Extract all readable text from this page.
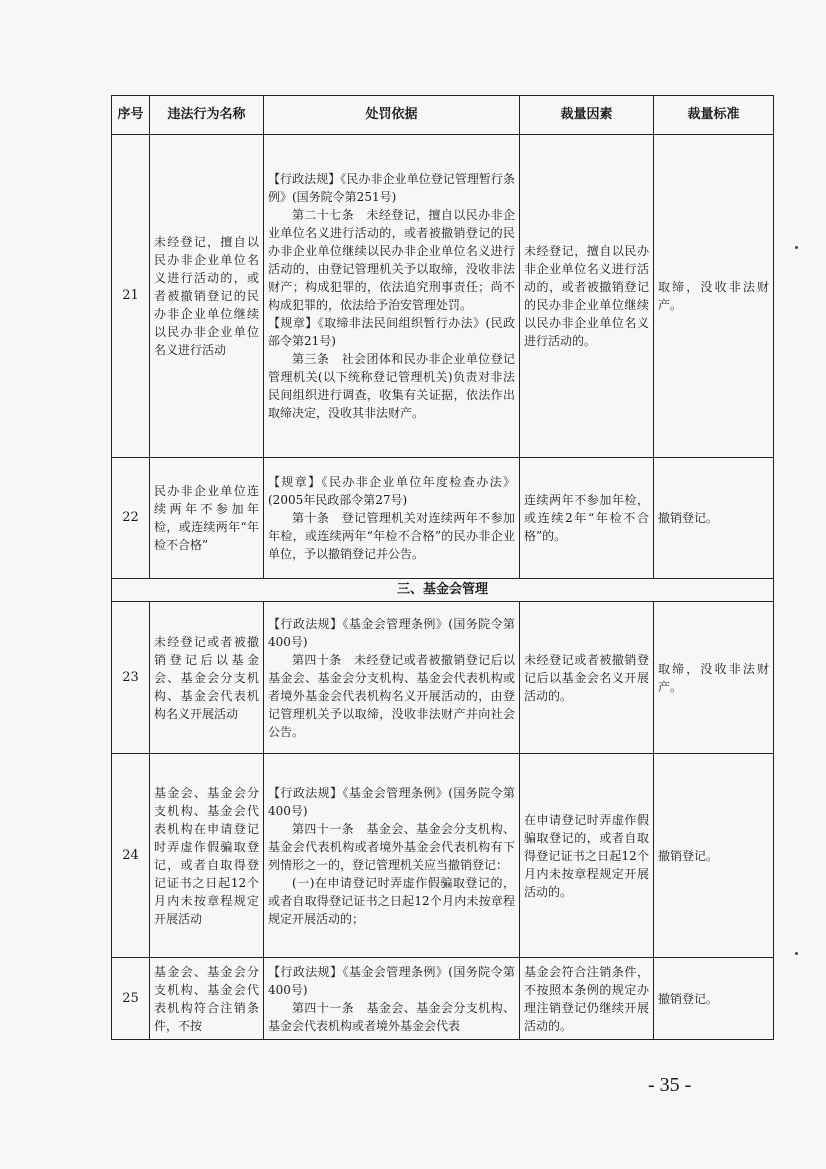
序号	违法行为名称	处罚依据	裁量因素	裁量标准
21	未经登记，擅自以民办非企业单位名义进行活动的，或者被撤销登记的民办非企业单位继续以民办非企业单位名义进行活动	【行政法规】《民办非企业单位登记管理暂行条例》(国务院令第251号)

第二十七条　未经登记，擅自以民办非企业单位名义进行活动的，或者被撤销登记的民办非企业单位继续以民办非企业单位名义进行活动的，由登记管理机关予以取缔，没收非法财产；构成犯罪的，依法追究刑事责任；尚不构成犯罪的，依法给予治安管理处罚。

【规章】《取缔非法民间组织暂行办法》(民政部令第21号)

第三条　社会团体和民办非企业单位登记管理机关(以下统称登记管理机关)负责对非法民间组织进行调查，收集有关证据，依法作出取缔决定，没收其非法财产。	未经登记，擅自以民办非企业单位名义进行活动的，或者被撤销登记的民办非企业单位继续以民办非企业单位名义进行活动的。	取缔，没收非法财产。
22	民办非企业单位连续两年不参加年检，或连续两年“年检不合格”	【规章】《民办非企业单位年度检查办法》(2005年民政部令第27号)

第十条　登记管理机关对连续两年不参加年检，或连续两年“年检不合格”的民办非企业单位，予以撤销登记并公告。	连续两年不参加年检，或连续2年“年检不合格”的。	撤销登记。
三、基金会管理				
23	未经登记或者被撤销登记后以基金会、基金会分支机构、基金会代表机构名义开展活动	【行政法规】《基金会管理条例》(国务院令第400号)

第四十条　未经登记或者被撤销登记后以基金会、基金会分支机构、基金会代表机构或者境外基金会代表机构名义开展活动的，由登记管理机关予以取缔，没收非法财产并向社会公告。	未经登记或者被撤销登记后以基金会名义开展活动的。	取缔，没收非法财产。
24	基金会、基金会分支机构、基金会代表机构在申请登记时弄虚作假骗取登记，或者自取得登记证书之日起12个月内未按章程规定开展活动	【行政法规】《基金会管理条例》(国务院令第400号)

第四十一条　基金会、基金会分支机构、基金会代表机构或者境外基金会代表机构有下列情形之一的，登记管理机关应当撤销登记：

(一)在申请登记时弄虚作假骗取登记的，或者自取得登记证书之日起12个月内未按章程规定开展活动的；	在申请登记时弄虚作假骗取登记的，或者自取得登记证书之日起12个月内未按章程规定开展活动的。	撤销登记。
25	基金会、基金会分支机构、基金会代表机构符合注销条件，不按	【行政法规】《基金会管理条例》(国务院令第400号)

第四十一条　基金会、基金会分支机构、基金会代表机构或者境外基金会代表	基金会符合注销条件，不按照本条例的规定办理注销登记仍继续开展活动的。	撤销登记。
- 35 -
